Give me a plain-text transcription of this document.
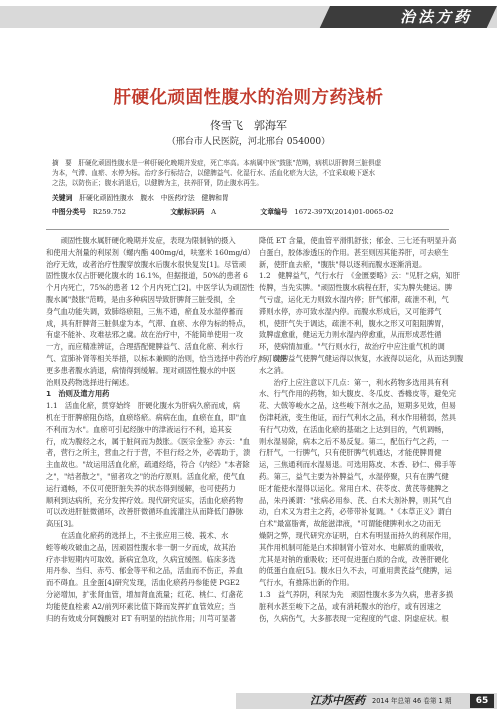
治法方药
肝硬化顽固性腹水的治则方药浅析
佟雪飞　郭海军
（邢台市人民医院，河北邢台 054000）

摘　要　肝硬化顽固性腹水是一种肝硬化晚期并发症，死亡率高。本病属中医"鼓胀"范畴，病机以肝脾肾三脏俱虚

为本，气滞、血瘀、水停为标。治疗多行标结合，以健脾益气、化湿行水、活血化瘀为大法，不宜采取峻下逐水

之法，以防伤正；腹水消退后，以健脾为主，扶养肝肾，防止腹水再生。

关键词　 肝硬化顽固性腹水　腹水　中医药疗法　健脾和胃
中图分类号　 R259.752	文献标识码　 A	文章编号　 1672-397X(2014)01-0065-02

　　顽固性腹水属肝硬化晚期并发症，表现为限制钠的摄入

和使用大剂量的利尿剂（螺内酯 400mg/d，呋塞米 160mg/d）

治疗无效，或者治疗性腹穿放腹水后腹水很快复发[1]。尽管顽

固性腹水仅占肝硬化腹水的 16.1%，但据报道，50%的患者 6

个月内死亡，75%的患者 12 个月内死亡[2]。中医学认为顽固性

腹水属"鼓胀"范畴，是由多种病因导致肝脾肾三脏受损，全

身气血功能失调，致肺络瘀阻，三焦不通，瘀血及水湿停蓄而

成，具有肝脾肾三脏俱虚为本，气滞、血瘀、水停为标的特点，

有虚不能补、攻难祛邪之虞。故在治疗中，不能简单使用一攻

一方，而应精准辨证，合理搭配健脾益气、活血化瘀、利水行

气、宣肺补肾等相关举措，以标本兼顾的治则，恰当选择中药治疗，可以使

更多患者腹水消退，病情得到缓解。现对顽固性腹水的中医

治则及药物选择进行阐述。

1　治则及遣方用药

1.1　活血化瘀，贯穿始终　肝硬化腹水为肝病久瘀而成，病

机在于肝脾瘀阻伤络，血瘀络瘀。病病在血，血瘀在血，即"血

不利而为水"。血瘀可引起经脉中的津液运行不利，追其妄

行，成为腹经之水，属于脏间而为鼓胀。《医宗金鉴》亦云："血

者，营行之所主，营血之行于营，不但行经之外，必需助于，溃

主血故也。"故运用活血化瘀，疏通经络，符合《内经》"本者除

之"，"结者散之"，"留者攻之"的治疗原则。活血化瘀，使气血

运行通畅，不仅可使肝脏失养的状态得到缓解，也可使药力

顺利到达病所，充分发挥疗效。现代研究证实，活血化瘀药物

可以改进肝脏微循环，改善肝微循环血流灌注从而降低门静脉

高压[3]。

　　在活血化瘀药的选择上，不主张应用三棱、莪术、水

蛭等峻攻破血之品，因顽固性腹水非一朝一夕而成，故其治

疗亦非短期内可取效。新病宜急攻，久病宜缓图。临床多选

用丹参、当归、赤芍、郁金等平和之品，活血而不伤正，养血

而不碍血。且金蛋[4]研究发现，活血化瘀药丹参能使 PGE2

分泌增加，扩张肾血管，增加肾血流量；红花、桃仁、灯盏花

均能使血栓素 A2/前列环素比值下降而发挥扩血管效应；当

归的有效成分阿魏酸对 ET 有明显的拮抗作用；川芎可显著

降低 ET 含量，使血管平滑肌舒张；郁金、三七还有明显升高

白蛋白，胶体渗透压的作用。甚至则因其能养肝，可去瘀生

新，使肝血去瘀，"腹肤"得以逐利而腹水逐渐消退。

1.2　健脾益气，气行水行　《金匮要略》云："见肝之病，知肝

传脾，当先实脾。"顽固性腹水病程在肝，实为脾失健运。脾

气亏虚，运化无力则致水湿内停；肝气郁滞，疏泄不利，气

滞则水停，亦可致水湿内停。而腹水形成后，又可能滞气

机，使肝气失于调达，疏泄不利，腹水之形又可阻阻脾胃，

致脾虚愈重，健运无力则水湿内停愈重，从而形成恶性循

环，使病情加重。"气行则水行，故治疗中应注重气机的调

畅，健脾益气使脾气健运得以恢复，水液得以运化，从而达到腹

水之消。

　　治疗上应注意以下几点：第一，利水药物多选用具有利

水、行气作用的药物，如大腹皮、冬瓜皮、香橼皮等，避免完

花、大戟等峻水之品，这些峻下剂水之品，短期多见效，但易

伤津耗液，变生他证，而行气利水之品，利水作用稍弱，然具

有行气功效，在活血化瘀的基础之上达到目的，气机调畅，

则水湿易除，病本之后不易反复。第二，配伍行气之药，一

行肝气，一行脾气，只有使肝脾气机通达，才能使脾胃健

运，三焦通利而水湿易退。可选用陈皮、木香、砂仁、佛手等

药。第三，益气主要为补脾益气，水湿停聚，只有在脾气健

旺才能使水湿得以运化。常用白术、茯苓皮、黄芪等健脾之

品，朱丹溪谓："张病必用参、芪、白术大剂补脾，则其气自

动，白术又为君主之药，必带带补复调。"《本草正义》谓白

白术"最富脂膏，故能滋津液，"可谓能健脾利水之功而无

燥阴之弊，现代研究亦证明，白术有明显而持久的利尿作用，

其作用机制可能是白术抑制肾小管对水、电解质的重吸收，

尤其是对钠的重吸收；还可促进蛋白质的合成，改善肝硬化

的低蛋白血症[5]。腹水日久不去，可重用黄芪益气健脾，运

气行水，有推陈出新的作用。

1.3　益气养阴，利尿为先　顽固性腹水多为久病，患者多损

脏利水甚至峻下之品，或有消耗腹水的治疗，或有因速之

伤，久病伤气，大多都表现一定程度的气虚、阴虚症状。根

江苏中医药 2014 年总第 46 卷第 1 期	65
